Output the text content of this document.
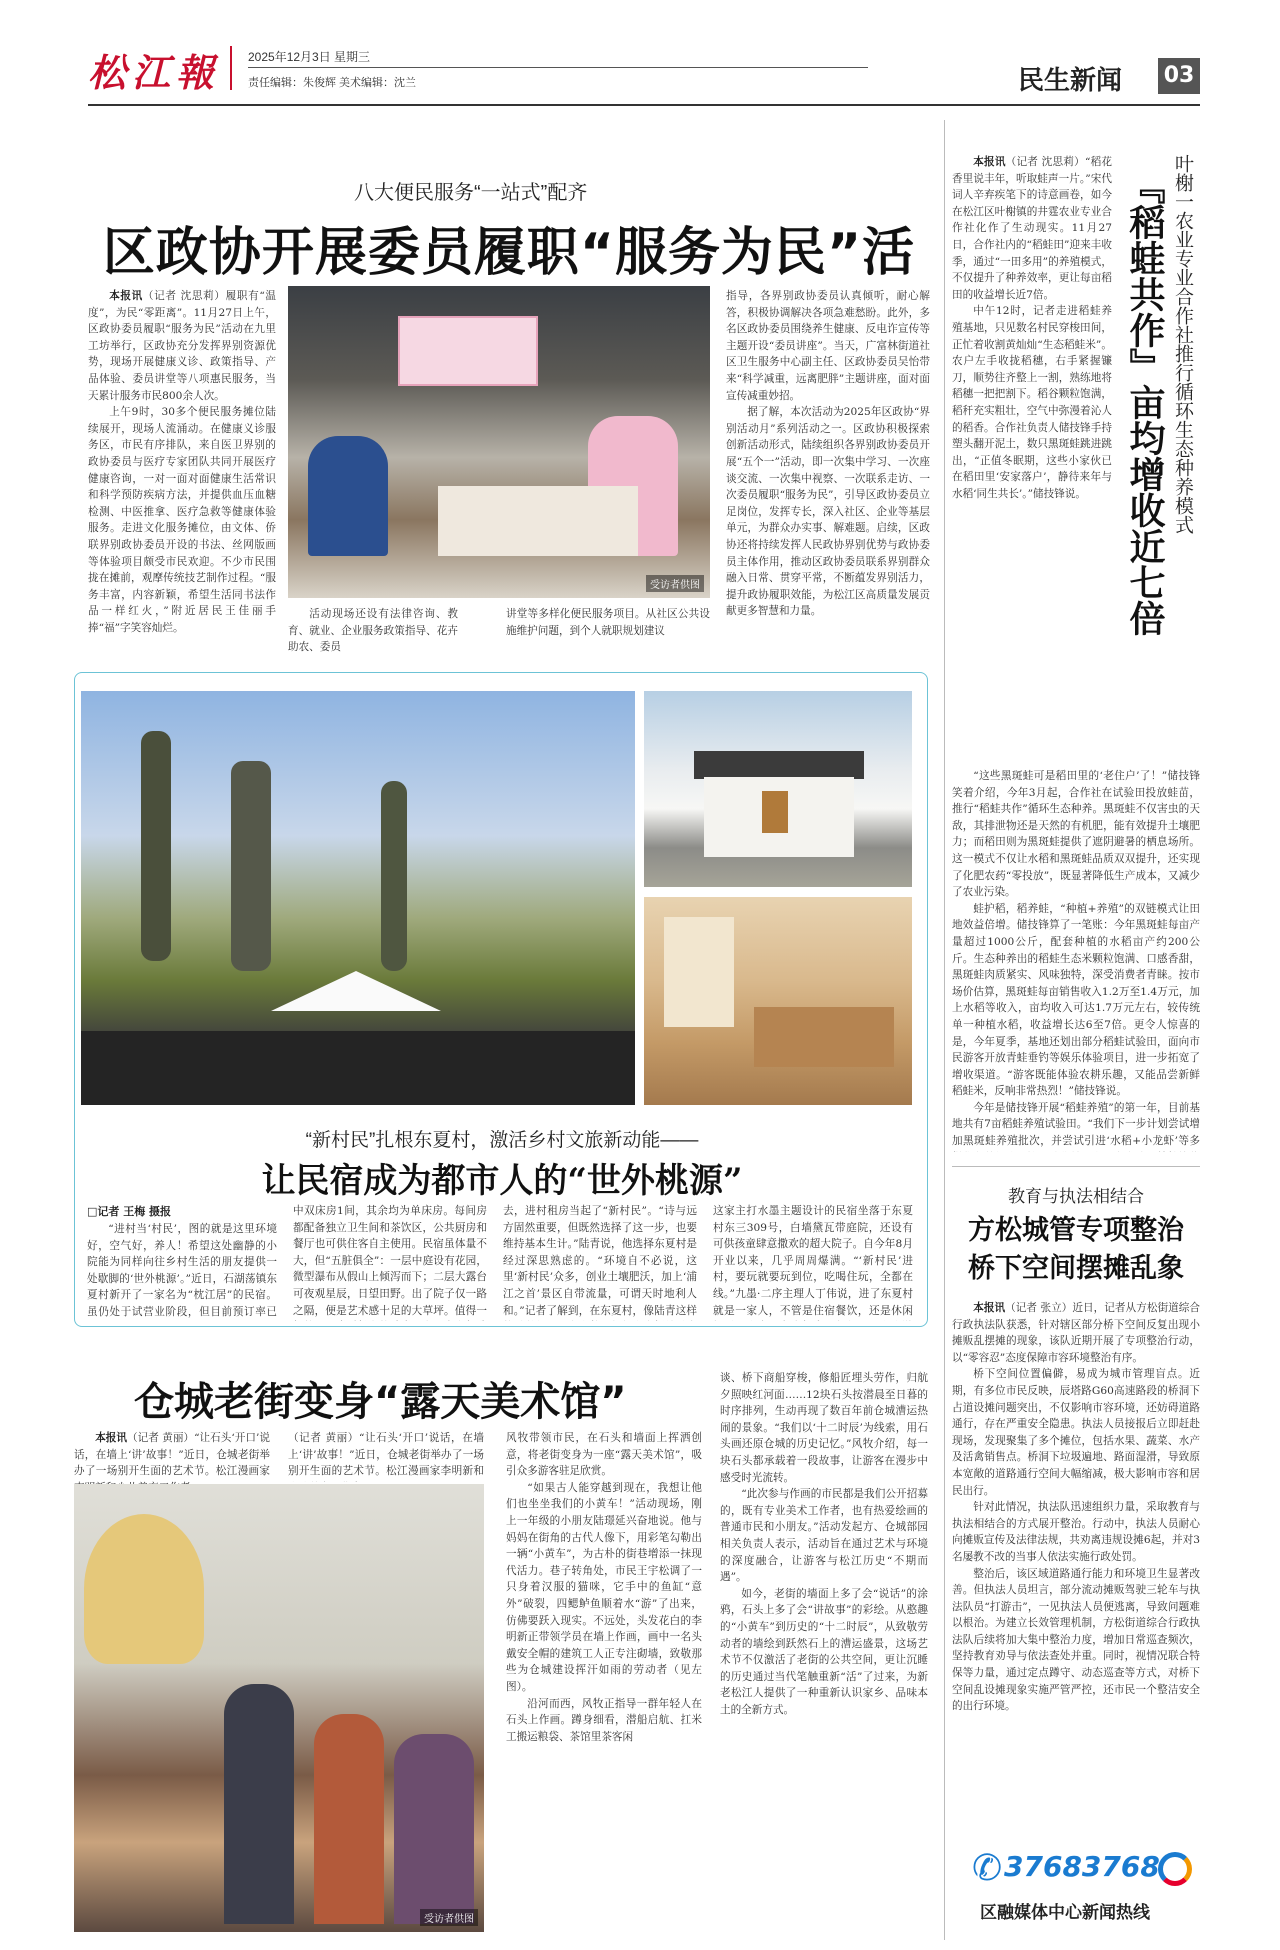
松江報 2025年12月3日 星期三
责任编辑：朱俊辉 美术编辑：沈兰	民生新闻 03
八大便民服务“一站式”配齐
区政协开展委员履职“服务为民”活

本报讯（记者 沈思莉）履职有“温度”，为民“零距离”。11月27日上午，区政协委员履职“服务为民”活动在九里工坊举行，区政协充分发挥界别资源优势，现场开展健康义诊、政策指导、产品体验、委员讲堂等八项惠民服务，当天累计服务市民800余人次。

上午9时，30多个便民服务摊位陆续展开，现场人流涌动。在健康义诊服务区，市民有序排队，来自医卫界别的政协委员与医疗专家团队共同开展医疗健康咨询，一对一面对面健康生活常识和科学预防疾病方法，并提供血压血糖检测、中医推拿、医疗急救等健康体验服务。走进文化服务摊位，由文体、侨联界别政协委员开设的书法、丝网版画等体验项目颇受市民欢迎。不少市民围拢在摊前，观摩传统技艺制作过程。“服务丰富，内容新颖，希望生活同书法作品一样红火，”附近居民王佳丽手捧“福”字笑容灿烂。

受访者供图

活动现场还设有法律咨询、教育、就业、企业服务政策指导、花卉助农、委员

讲堂等多样化便民服务项目。从社区公共设施维护问题，到个人就职规划建议

指导，各界别政协委员认真倾听，耐心解答，积极协调解决各项急难愁盼。此外，多名区政协委员围绕养生健康、反电诈宣传等主题开设“委员讲座”。当天，广富林街道社区卫生服务中心副主任、区政协委员吴怡带来“科学减重，远离肥胖”主题讲座，面对面宣传减重妙招。

据了解，本次活动为2025年区政协“界别活动月”系列活动之一。区政协积极探索创新活动形式，陆续组织各界别政协委员开展“五个一”活动，即一次集中学习、一次座谈交流、一次集中视察、一次联系走访、一次委员履职“服务为民”，引导区政协委员立足岗位，发挥专长，深入社区、企业等基层单元，为群众办实事、解难题。启续，区政协还将持续发挥人民政协界别优势与政协委员主体作用，推动区政协委员联系界别群众融入日常、贯穿平常，不断蕴发界别活力，提升政协履职效能，为松江区高质量发展贡献更多智慧和力量。

“新村民”扎根东夏村，激活乡村文旅新动能——
让民宿成为都市人的“世外桃源”
□记者 王梅 摄报

“进村当‘村民’，图的就是这里环境好，空气好，养人！希望这处幽静的小院能为同样向往乡村生活的朋友提供一处歇脚的‘世外桃源’。”近日，石湖荡镇东夏村新开了一家名为“枕江居”的民宿。虽仍处于试营业阶段，但目前预订率已

中双床房1间，其余均为单床房。每间房都配备独立卫生间和茶饮区，公共厨房和餐厅也可供住客自主使用。民宿虽体量不大，但“五脏俱全”：一层中庭设有花园，微型瀑布从假山上倾泻而下；二层大露台可夜观星辰，日望田野。出了院子仅一路之隔，便是艺术感十足的大草坪。值得一

去，进村租房当起了“新村民”。“诗与远方固然重要，但既然选择了这一步，也要维持基本生计。”陆青说，他选择东夏村是经过深思熟虑的。“环境自不必说，这里‘新村民’众多，创业土壤肥沃，加上‘浦江之首’景区自带流量，可谓天时地利人和。”记者了解到，在东夏村，像陆青这样

这家主打水墨主题设计的民宿坐落于东夏村东三309号，白墙黛瓦带庭院，还设有可供孩童肆意撒欢的超大院子。自今年8月开业以来，几乎周周爆满。“‘新村民’进村，要玩就要玩到位，吃喝住玩，全都在线。”九墨·二序主理人丁伟说，进了东夏村就是一家人，不管是住宿餐饮，还是休闲

仓城老街变身“露天美术馆”

本报讯（记者 黄丽）“让石头‘开口’说话，在墙上‘讲’故事！”近日，仓城老街举办了一场别开生面的艺术节。松江漫画家

受访者供图

（记者 黄丽）“让石头‘开口’说话，在墙上‘讲’故事！”近日，仓城老街举办了一场别开生面的艺术节。松江漫画家李明新和

风牧带领市民，在石头和墙面上挥洒创意，将老街变身为一座“露天美术馆”，吸引众多游客驻足欣赏。

“如果古人能穿越到现在，我想让他们也坐坐我们的小黄车！”活动现场，刚上一年级的小朋友陆璟延兴奋地说。他与妈妈在街角的古代人像下，用彩笔勾勒出一辆“小黄车”，为古朴的街巷增添一抹现代活力。巷子转角处，市民王宇松调了一只身着汉服的猫咪，它手中的鱼缸“意外”破裂，四鳃鲈鱼顺着水“游”了出来，仿佛要跃入现实。不远处，头发花白的李明新正带领学员在墙上作画，画中一名头戴安全帽的建筑工人正专注砌墙，致敬那些为仓城建设挥汗如雨的劳动者（见左图）。

沿河而西，风牧正指导一群年轻人在石头上作画。蹲身细看，潜船启航、扛米工搬运粮袋、茶馆里茶客闲

谈、桥下商船穿梭，修船匠埋头劳作，归航夕照映红河面……12块石头按潜晨至日暮的时序排列，生动再现了数百年前仓城漕运热闹的景象。“我们以‘十二时辰’为线索，用石头画还原仓城的历史记忆。”风牧介绍，每一块石头都承载着一段故事，让游客在漫步中感受时光流转。

“此次参与作画的市民都是我们公开招募的，既有专业美术工作者，也有热爱绘画的普通市民和小朋友。”活动发起方、仓城部园相关负责人表示，活动旨在通过艺术与环境的深度融合，让游客与松江历史“不期而遇”。

如今，老街的墙面上多了会“说话”的涂鸦，石头上多了会“讲故事”的彩绘。从憨趣的“小黄车”到历史的“十二时辰”，从致敬劳动者的墙绘到跃然石上的漕运盛景，这场艺术节不仅激活了老街的公共空间，更让沉睡的历史通过当代笔触重新“活”了过来，为新老松江人提供了一种重新认识家乡、品味本土的全新方式。

叶榭一农业专业合作社推行循环生态种养模式
『稻蛙共作』亩均增收近七倍

本报讯（记者 沈思莉）“稻花香里说丰年，听取蛙声一片。”宋代词人辛弃疾笔下的诗意画卷，如今在松江区叶榭镇的井霆农业专业合作社化作了生动现实。11月27日，合作社内的“稻蛙田”迎来丰收季，通过“一田多用”的养殖模式，不仅提升了种养效率，更让每亩稻田的收益增长近7倍。

中午12时，记者走进稻蛙养殖基地，只见数名村民穿梭田间，正忙着收割黄灿灿“生态稻蛙米”。农户左手收拢稻穗，右手紧握镰刀，顺势往齐整上一割，熟练地将稻穗一把把割下。稻谷颗粒饱满，稻秆充实粗壮，空气中弥漫着沁人的稻香。合作社负责人储技锋手持塑头翻开泥土，数只黑斑蛙跳进跳出，“正值冬眠期，这些小家伙已在稻田里‘安家落户’，静待来年与水稻‘同生共长’。”储技锋说。

“这些黑斑蛙可是稻田里的‘老住户’了！”储技锋笑着介绍，今年3月起，合作社在试验田投放蛙苗，推行“稻蛙共作”循环生态种养。黑斑蛙不仅害虫的天敌，其排泄物还是天然的有机肥，能有效提升土壤肥力；而稻田则为黑斑蛙提供了遮阴避暑的栖息场所。这一模式不仅让水稻和黑斑蛙品质双双提升，还实现了化肥农药“零投放”，既显著降低生产成本，又减少了农业污染。

蛙护稻，稻养蛙，“种植+养殖”的双链模式让田地效益倍增。储技锋算了一笔账：今年黑斑蛙每亩产量超过1000公斤，配套种植的水稻亩产约200公斤。生态种养出的稻蛙生态米颗粒饱满、口感香甜，黑斑蛙肉质紧实、风味独特，深受消费者青睐。按市场价估算，黑斑蛙每亩销售收入1.2万至1.4万元，加上水稻等收入，亩均收入可达1.7万元左右，较传统单一种植水稻，收益增长达6至7倍。更令人惊喜的是，今年夏季，基地还划出部分稻蛙试验田，面向市民游客开放青蛙垂钓等娱乐体验项目，进一步拓宽了增收渠道。“游客既能体验农耕乐趣，又能品尝新鲜稻蛙米，反响非常热烈！”储技锋说。

今年是储技锋开展“稻蛙养殖”的第一年，目前基地共有7亩稻蛙养殖试验田。“我们下一步计划尝试增加黑斑蛙养殖批次，并尝试引进‘水稻+小龙虾’等多

教育与执法相结合
方松城管专项整治
桥下空间摆摊乱象

本报讯（记者 张立）近日，记者从方松街道综合行政执法队获悉，针对辖区部分桥下空间反复出现小摊贩乱摆摊的现象，该队近期开展了专项整治行动，以“零容忍”态度保障市容环境整治有序。

桥下空间位置偏僻，易成为城市管理盲点。近期，有多位市民反映，辰塔路G60高速路段的桥洞下占道设摊问题突出，不仅影响市容环境，还妨碍道路通行，存在严重安全隐患。执法人员接报后立即赶赴现场，发现聚集了多个摊位，包括水果、蔬菜、水产及活禽销售点。桥洞下垃圾遍地、路面湿滑，导致原本宽敞的道路通行空间大幅缩减，极大影响市容和居民出行。

针对此情况，执法队迅速组织力量，采取教育与执法相结合的方式展开整治。行动中，执法人员耐心向摊贩宣传及法律法规，共劝离违规设摊6起，并对3名屡教不改的当事人依法实施行政处罚。

整治后，该区域道路通行能力和环境卫生显著改善。但执法人员坦言，部分流动摊贩驾驶三轮车与执法队员“打游击”，一见执法人员便逃离，导致问题难以根治。为建立长效管理机制，方松街道综合行政执法队后续将加大集中整治力度，增加日常巡查频次，坚持教育劝导与依法查处并重。同时，视情况联合特保等力量，通过定点蹲守、动态巡查等方式，对桥下空间乱设摊现象实施严管严控，还市民一个整洁安全的出行环境。

✆ 37683768
区融媒体中心新闻热线
